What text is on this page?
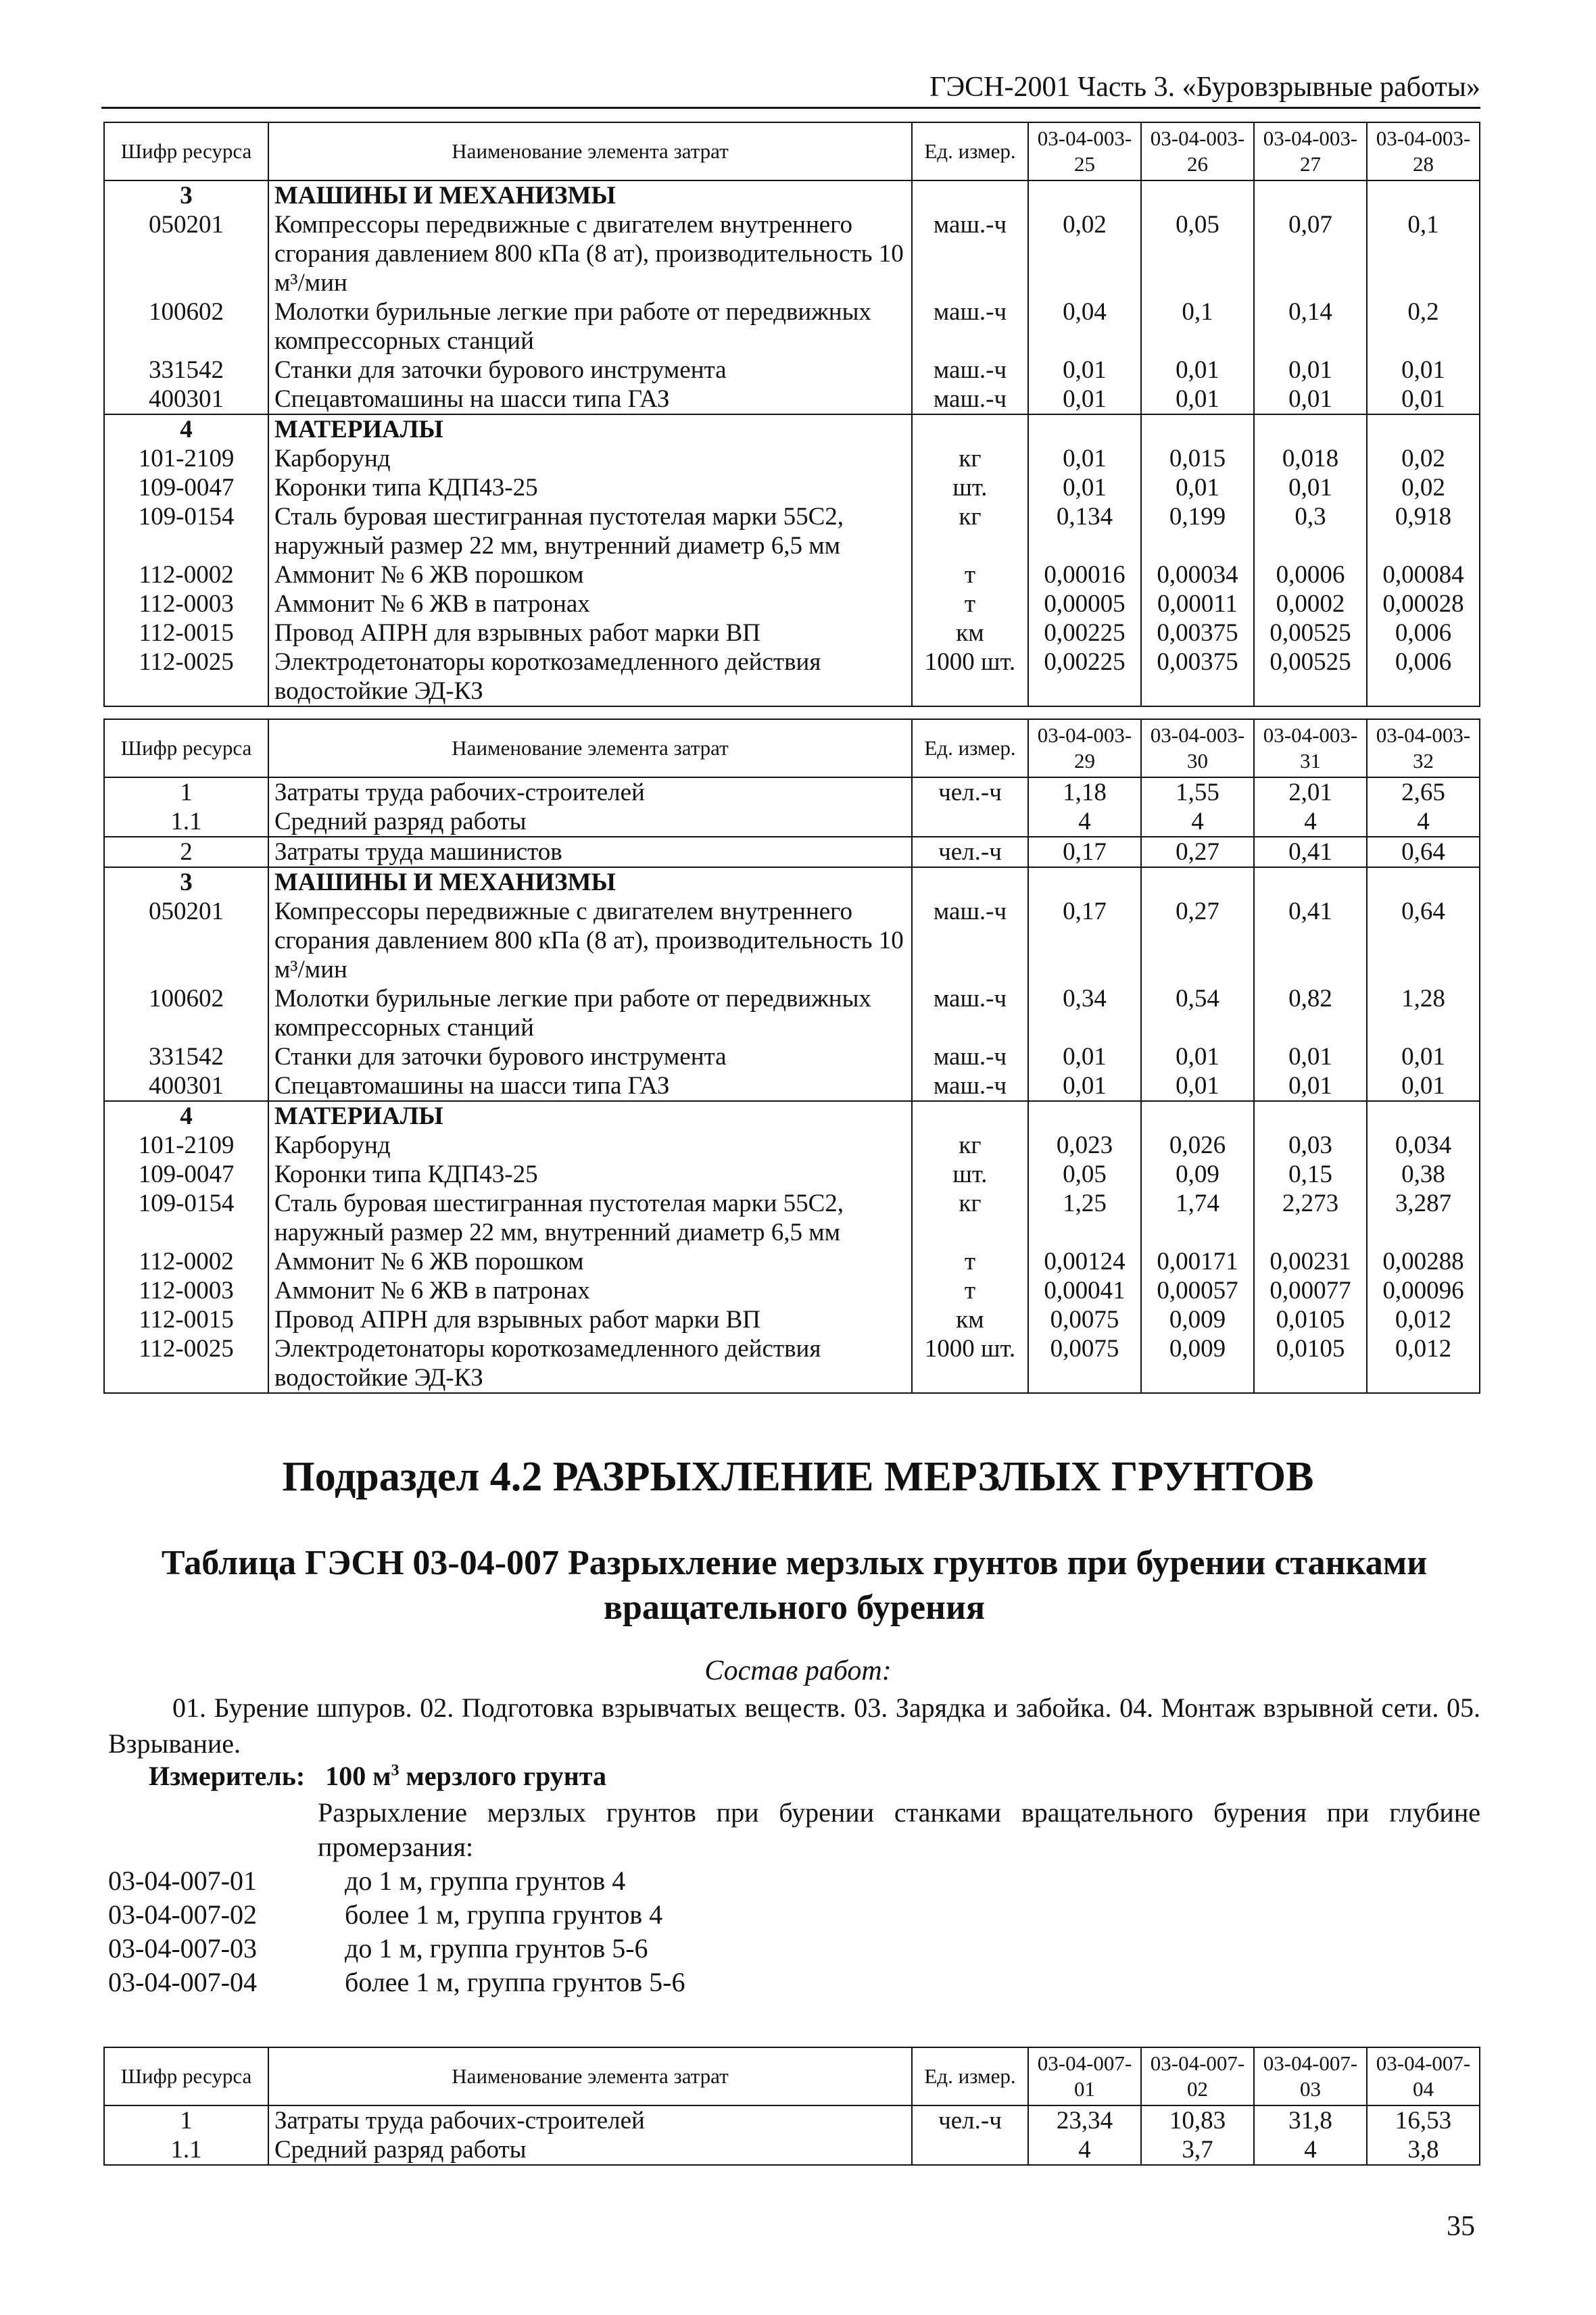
ГЭСН-2001 Часть 3. «Буровзрывные работы»
Шифр ресурса	Наименование элемента затрат	Ед. измер.	03-04-003-25	03-04-003-26	03-04-003-27	03-04-003-28
3	МАШИНЫ И МЕХАНИЗМЫ					
050201	Компрессоры передвижные с двигателем внутреннего сгорания давлением 800 кПа (8 ат), производительность 10 м³/мин	маш.-ч	0,02	0,05	0,07	0,1
100602	Молотки бурильные легкие при работе от передвижных компрессорных станций	маш.-ч	0,04	0,1	0,14	0,2
331542	Станки для заточки бурового инструмента	маш.-ч	0,01	0,01	0,01	0,01
400301	Спецавтомашины на шасси типа ГАЗ	маш.-ч	0,01	0,01	0,01	0,01
4	МАТЕРИАЛЫ					
101-2109	Карборунд	кг	0,01	0,015	0,018	0,02
109-0047	Коронки типа КДП43-25	шт.	0,01	0,01	0,01	0,02
109-0154	Сталь буровая шестигранная пустотелая марки 55С2, наружный размер 22 мм, внутренний диаметр 6,5 мм	кг	0,134	0,199	0,3	0,918
112-0002	Аммонит № 6 ЖВ порошком	т	0,00016	0,00034	0,0006	0,00084
112-0003	Аммонит № 6 ЖВ в патронах	т	0,00005	0,00011	0,0002	0,00028
112-0015	Провод АПРН для взрывных работ марки ВП	км	0,00225	0,00375	0,00525	0,006
112-0025	Электродетонаторы короткозамедленного действия водостойкие ЭД-КЗ	1000 шт.	0,00225	0,00375	0,00525	0,006
Шифр ресурса	Наименование элемента затрат	Ед. измер.	03-04-003-29	03-04-003-30	03-04-003-31	03-04-003-32
1	Затраты труда рабочих-строителей	чел.-ч	1,18	1,55	2,01	2,65
1.1	Средний разряд работы		4	4	4	4
2	Затраты труда машинистов	чел.-ч	0,17	0,27	0,41	0,64
3	МАШИНЫ И МЕХАНИЗМЫ					
050201	Компрессоры передвижные с двигателем внутреннего сгорания давлением 800 кПа (8 ат), производительность 10 м³/мин	маш.-ч	0,17	0,27	0,41	0,64
100602	Молотки бурильные легкие при работе от передвижных компрессорных станций	маш.-ч	0,34	0,54	0,82	1,28
331542	Станки для заточки бурового инструмента	маш.-ч	0,01	0,01	0,01	0,01
400301	Спецавтомашины на шасси типа ГАЗ	маш.-ч	0,01	0,01	0,01	0,01
4	МАТЕРИАЛЫ					
101-2109	Карборунд	кг	0,023	0,026	0,03	0,034
109-0047	Коронки типа КДП43-25	шт.	0,05	0,09	0,15	0,38
109-0154	Сталь буровая шестигранная пустотелая марки 55С2, наружный размер 22 мм, внутренний диаметр 6,5 мм	кг	1,25	1,74	2,273	3,287
112-0002	Аммонит № 6 ЖВ порошком	т	0,00124	0,00171	0,00231	0,00288
112-0003	Аммонит № 6 ЖВ в патронах	т	0,00041	0,00057	0,00077	0,00096
112-0015	Провод АПРН для взрывных работ марки ВП	км	0,0075	0,009	0,0105	0,012
112-0025	Электродетонаторы короткозамедленного действия водостойкие ЭД-КЗ	1000 шт.	0,0075	0,009	0,0105	0,012
Подраздел 4.2 РАЗРЫХЛЕНИЕ МЕРЗЛЫХ ГРУНТОВ
Таблица ГЭСН 03-04-007 Разрыхление мерзлых грунтов при бурении станками вращательного бурения
Состав работ:
01. Бурение шпуров. 02. Подготовка взрывчатых веществ. 03. Зарядка и забойка. 04. Монтаж взрывной сети. 05. Взрывание.
Измеритель: 100 $м^3$ мерзлого грунта
Разрыхление мерзлых грунтов при бурении станками вращательного бурения при глубине промерзания:
03-04-007-01	до 1 м, группа грунтов 4
03-04-007-02	более 1 м, группа грунтов 4
03-04-007-03	до 1 м, группа грунтов 5-6
03-04-007-04	более 1 м, группа грунтов 5-6
Шифр ресурса	Наименование элемента затрат	Ед. измер.	03-04-007-01	03-04-007-02	03-04-007-03	03-04-007-04
1	Затраты труда рабочих-строителей	чел.-ч	23,34	10,83	31,8	16,53
1.1	Средний разряд работы		4	3,7	4	3,8
35
